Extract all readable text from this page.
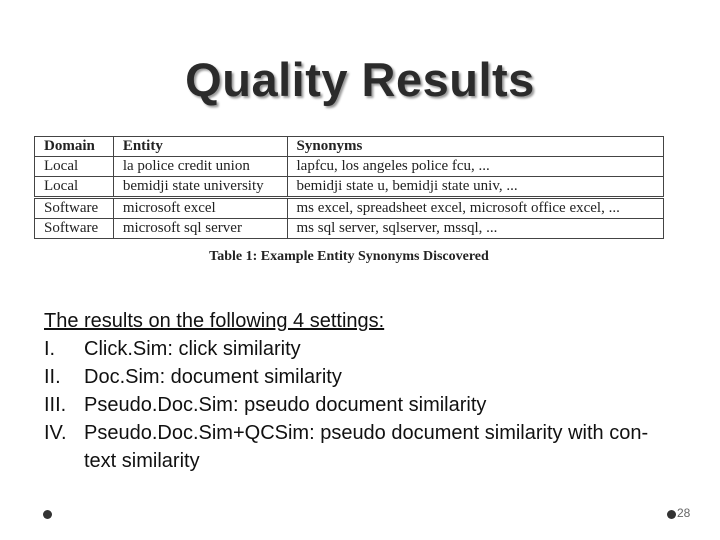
Quality Results
Domain	Entity	Synonyms
Local	la police credit union	lapfcu, los angeles police fcu, ...
Local	bemidji state university	bemidji state u, bemidji state univ, ...
Software	microsoft excel	ms excel, spreadsheet excel, microsoft office excel, ...
Software	microsoft sql server	ms sql server, sqlserver, mssql, ...
Table 1: Example Entity Synonyms Discovered

The results on the following 4 settings:

I. Click.Sim: click similarity
II. Doc.Sim: document similarity
III. Pseudo.Doc.Sim: pseudo document similarity
IV. Pseudo.Doc.Sim+QCSim: pseudo document similarity with con- text similarity
28
